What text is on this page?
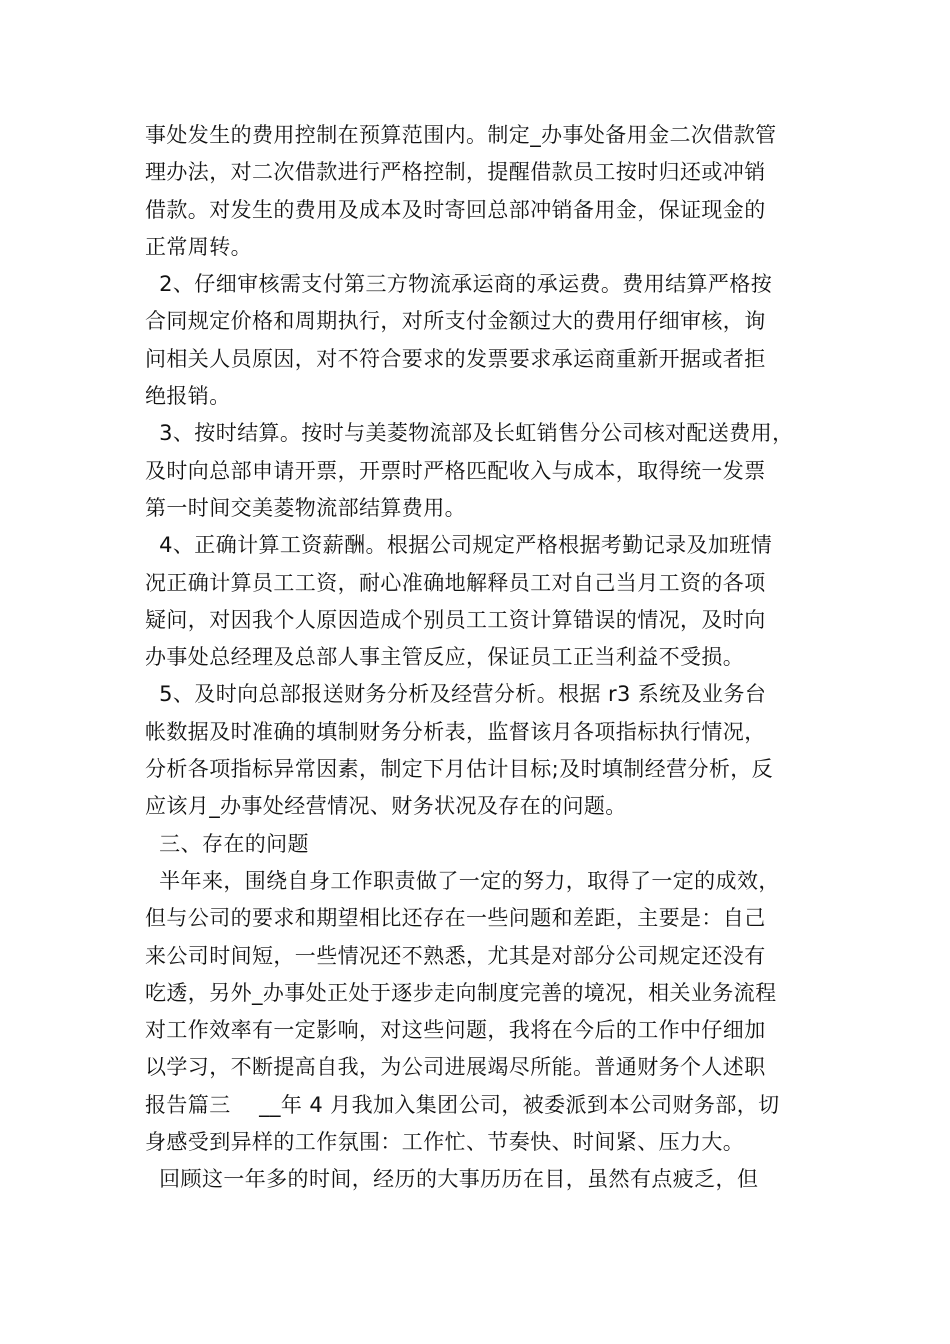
事处发生的费用控制在预算范围内。制定_办事处备用金二次借款管
理办法，对二次借款进行严格控制，提醒借款员工按时归还或冲销
借款。对发生的费用及成本及时寄回总部冲销备用金，保证现金的
正常周转。
2、仔细审核需支付第三方物流承运商的承运费。费用结算严格按
合同规定价格和周期执行，对所支付金额过大的费用仔细审核，询
问相关人员原因，对不符合要求的发票要求承运商重新开据或者拒
绝报销。
3、按时结算。按时与美菱物流部及长虹销售分公司核对配送费用，
及时向总部申请开票，开票时严格匹配收入与成本，取得统一发票
第一时间交美菱物流部结算费用。
4、正确计算工资薪酬。根据公司规定严格根据考勤记录及加班情
况正确计算员工工资，耐心准确地解释员工对自己当月工资的各项
疑问，对因我个人原因造成个别员工工资计算错误的情况，及时向
办事处总经理及总部人事主管反应，保证员工正当利益不受损。
5、及时向总部报送财务分析及经营分析。根据 r3 系统及业务台
帐数据及时准确的填制财务分析表，监督该月各项指标执行情况，
分析各项指标异常因素，制定下月估计目标;及时填制经营分析，反
应该月_办事处经营情况、财务状况及存在的问题。
三、存在的问题
半年来，围绕自身工作职责做了一定的努力，取得了一定的成效，
但与公司的要求和期望相比还存在一些问题和差距，主要是：自己
来公司时间短，一些情况还不熟悉，尤其是对部分公司规定还没有
吃透，另外_办事处正处于逐步走向制度完善的境况，相关业务流程
对工作效率有一定影响，对这些问题，我将在今后的工作中仔细加
以学习，不断提高自我，为公司进展竭尽所能。普通财务个人述职
报告篇三　 __年 4 月我加入集团公司，被委派到本公司财务部，切
身感受到异样的工作氛围：工作忙、节奏快、时间紧、压力大。
回顾这一年多的时间，经历的大事历历在目，虽然有点疲乏，但
